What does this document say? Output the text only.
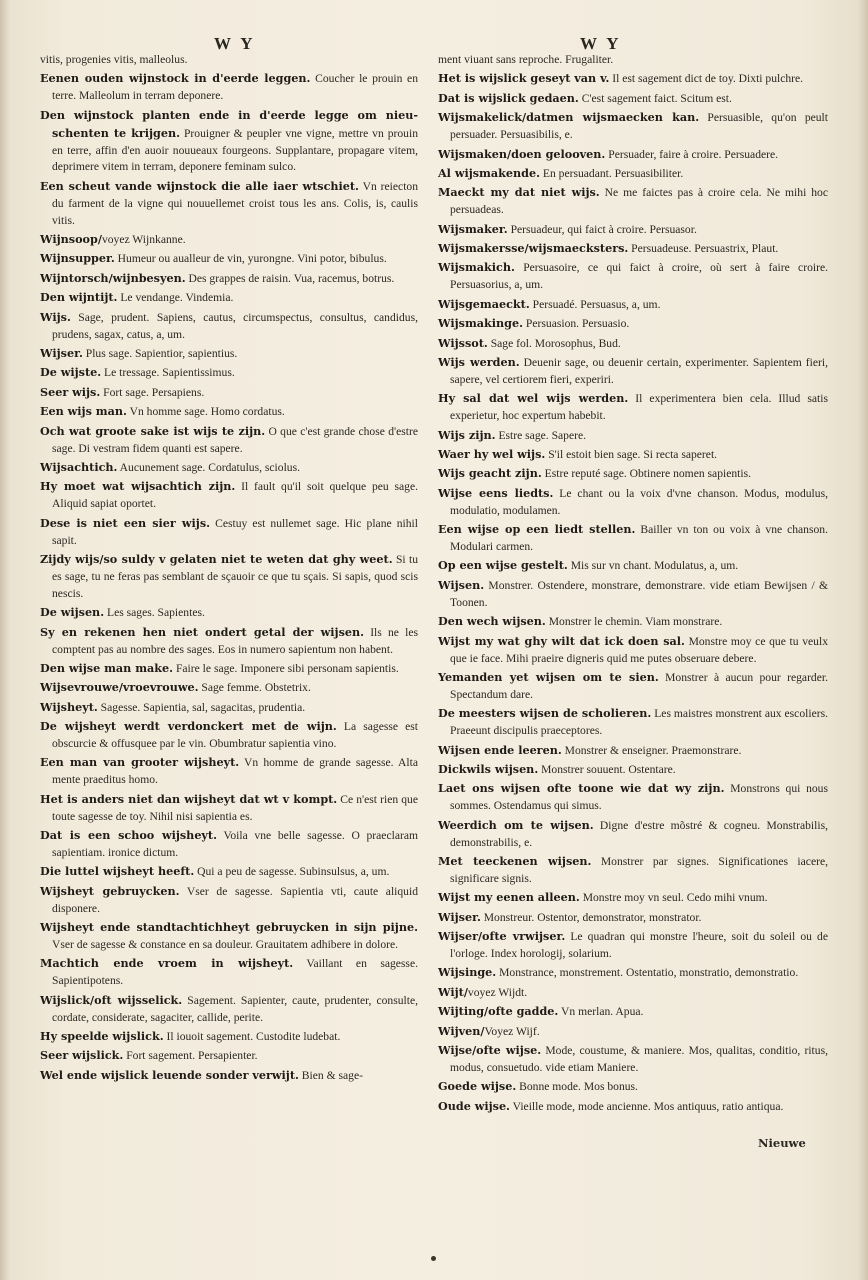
W Y	W Y

vitis, progenies vitis, malleolus.

Eenen ouden wijnstock in d'eerde leggen. Coucher le prouin en terre. Malleolum in terram deponere.

Den wijnstock planten ende in d'eerde legge om nieu-schenten te krijgen. Prouigner & peupler vne vigne, mettre vn prouin en terre, affin d'en auoir nouueaux fourgeons. Supplantare, propagare vitem, deprimere vitem in terram, deponere feminam sulco.

Een scheut vande wijnstock die alle iaer wtschiet. Vn reiecton du farment de la vigne qui nouuellemet croist tous les ans. Colis, is, caulis vitis.

Wijnsoop/voyez Wijnkanne.

Wijnsupper. Humeur ou aualleur de vin, yurongne. Vini potor, bibulus.

Wijntorsch/wijnbesyen. Des grappes de raisin. Vua, racemus, botrus.

Den wijntijt. Le vendange. Vindemia.

Wijs. Sage, prudent. Sapiens, cautus, circumspectus, consultus, candidus, prudens, sagax, catus, a, um.

Wijser. Plus sage. Sapientior, sapientius.

De wijste. Le tressage. Sapientissimus.

Seer wijs. Fort sage. Persapiens.

Een wijs man. Vn homme sage. Homo cordatus.

Och wat groote sake ist wijs te zijn. O que c'est grande chose d'estre sage. Di vestram fidem quanti est sapere.

Wijsachtich. Aucunement sage. Cordatulus, sciolus.

Hy moet wat wijsachtich zijn. Il fault qu'il soit quelque peu sage. Aliquid sapiat oportet.

Dese is niet een sier wijs. Cestuy est nullemet sage. Hic plane nihil sapit.

Zijdy wijs/so suldy v gelaten niet te weten dat ghy weet. Si tu es sage, tu ne feras pas semblant de sçauoir ce que tu sçais. Si sapis, quod scis nescis.

De wijsen. Les sages. Sapientes.

Sy en rekenen hen niet ondert getal der wijsen. Ils ne les comptent pas au nombre des sages. Eos in numero sapientum non habent.

Den wijse man make. Faire le sage. Imponere sibi personam sapientis.

Wijsevrouwe/vroevrouwe. Sage femme. Obstetrix.

Wijsheyt. Sagesse. Sapientia, sal, sagacitas, prudentia.

De wijsheyt werdt verdonckert met de wijn. La sagesse est obscurcie & offusquee par le vin. Obumbratur sapientia vino.

Een man van grooter wijsheyt. Vn homme de grande sagesse. Alta mente praeditus homo.

Het is anders niet dan wijsheyt dat wt v kompt. Ce n'est rien que toute sagesse de toy. Nihil nisi sapientia es.

Dat is een schoo wijsheyt. Voila vne belle sagesse. O praeclaram sapientiam. ironice dictum.

Die luttel wijsheyt heeft. Qui a peu de sagesse. Subinsulsus, a, um.

Wijsheyt gebruycken. Vser de sagesse. Sapientia vti, caute aliquid disponere.

Wijsheyt ende standtachtichheyt gebruycken in sijn pijne. Vser de sagesse & constance en sa douleur. Grauitatem adhibere in dolore.

Machtich ende vroem in wijsheyt. Vaillant en sagesse. Sapientipotens.

Wijslick/oft wijsselick. Sagement. Sapienter, caute, prudenter, consulte, cordate, considerate, sagaciter, callide, perite.

Hy speelde wijslick. Il iouoit sagement. Custodite ludebat.

Seer wijslick. Fort sagement. Persapienter.

Wel ende wijslick leuende sonder verwijt. Bien & sage-

ment viuant sans reproche. Frugaliter.

Het is wijslick geseyt van v. Il est sagement dict de toy. Dixti pulchre.

Dat is wijslick gedaen. C'est sagement faict. Scitum est.

Wijsmakelick/datmen wijsmaecken kan. Persuasible, qu'on peult persuader. Persuasibilis, e.

Wijsmaken/doen gelooven. Persuader, faire à croire. Persuadere.

Al wijsmakende. En persuadant. Persuasibiliter.

Maeckt my dat niet wijs. Ne me faictes pas à croire cela. Ne mihi hoc persuadeas.

Wijsmaker. Persuadeur, qui faict à croire. Persuasor.

Wijsmakersse/wijsmaecksters. Persuadeuse. Persuastrix, Plaut.

Wijsmakich. Persuasoire, ce qui faict à croire, où sert à faire croire. Persuasorius, a, um.

Wijsgemaeckt. Persuadé. Persuasus, a, um.

Wijsmakinge. Persuasion. Persuasio.

Wijssot. Sage fol. Morosophus, Bud.

Wijs werden. Deuenir sage, ou deuenir certain, experimenter. Sapientem fieri, sapere, vel certiorem fieri, experiri.

Hy sal dat wel wijs werden. Il experimentera bien cela. Illud satis experietur, hoc expertum habebit.

Wijs zijn. Estre sage. Sapere.

Waer hy wel wijs. S'il estoit bien sage. Si recta saperet.

Wijs geacht zijn. Estre reputé sage. Obtinere nomen sapientis.

Wijse eens liedts. Le chant ou la voix d'vne chanson. Modus, modulus, modulatio, modulamen.

Een wijse op een liedt stellen. Bailler vn ton ou voix à vne chanson. Modulari carmen.

Op een wijse gestelt. Mis sur vn chant. Modulatus, a, um.

Wijsen. Monstrer. Ostendere, monstrare, demonstrare. vide etiam Bewijsen / & Toonen.

Den wech wijsen. Monstrer le chemin. Viam monstrare.

Wijst my wat ghy wilt dat ick doen sal. Monstre moy ce que tu veulx que ie face. Mihi praeire digneris quid me putes obseruare debere.

Yemanden yet wijsen om te sien. Monstrer à aucun pour regarder. Spectandum dare.

De meesters wijsen de scholieren. Les maistres monstrent aux escoliers. Praeeunt discipulis praeceptores.

Wijsen ende leeren. Monstrer & enseigner. Praemonstrare.

Dickwils wijsen. Monstrer souuent. Ostentare.

Laet ons wijsen ofte toone wie dat wy zijn. Monstrons qui nous sommes. Ostendamus qui simus.

Weerdich om te wijsen. Digne d'estre mõstré & cogneu. Monstrabilis, demonstrabilis, e.

Met teeckenen wijsen. Monstrer par signes. Significationes iacere, significare signis.

Wijst my eenen alleen. Monstre moy vn seul. Cedo mihi vnum.

Wijser. Monstreur. Ostentor, demonstrator, monstrator.

Wijser/ofte vrwijser. Le quadran qui monstre l'heure, soit du soleil ou de l'orloge. Index horologij, solarium.

Wijsinge. Monstrance, monstrement. Ostentatio, monstratio, demonstratio.

Wijt/voyez Wijdt.

Wijting/ofte gadde. Vn merlan. Apua.

Wijven/Voyez Wijf.

Wijse/ofte wijse. Mode, coustume, & maniere. Mos, qualitas, conditio, ritus, modus, consuetudo. vide etiam Maniere.

Goede wijse. Bonne mode. Mos bonus.

Oude wijse. Vieille mode, mode ancienne. Mos antiquus, ratio antiqua.

Nieuwe
